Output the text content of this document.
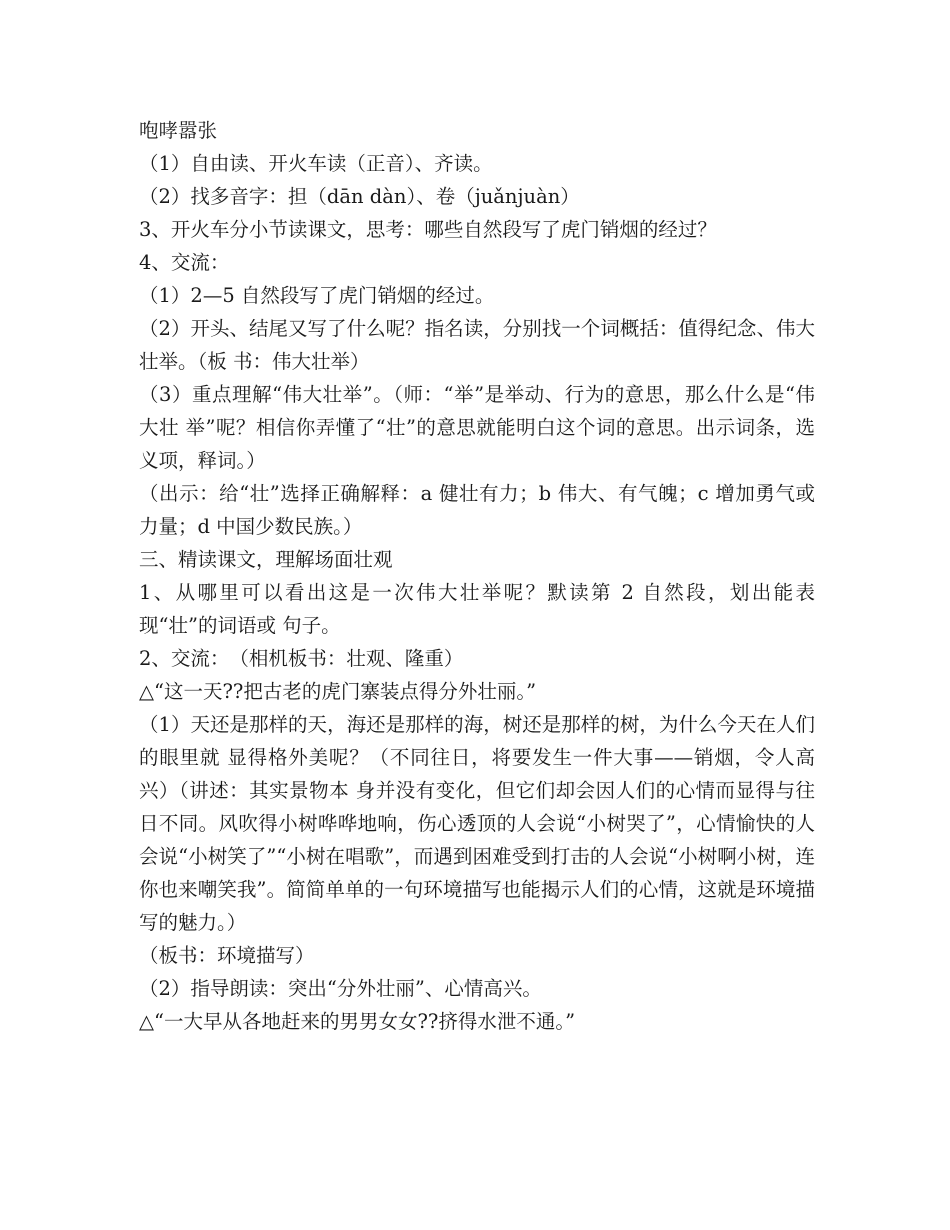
咆哮嚣张

（1）自由读、开火车读（正音）、齐读。

（2）找多音字：担（dān dàn）、卷（juǎnjuàn）

3、开火车分小节读课文，思考：哪些自然段写了虎门销烟的经过？

4、交流：

（1）2—5 自然段写了虎门销烟的经过。

（2）开头、结尾又写了什么呢？指名读，分别找一个词概括：值得纪念、伟大壮举。（板 书：伟大壮举）

（3）重点理解“伟大壮举”。（师：“举”是举动、行为的意思，那么什么是“伟大壮 举”呢？相信你弄懂了“壮”的意思就能明白这个词的意思。出示词条，选义项，释词。）

（出示：给“壮”选择正确解释：a 健壮有力；b 伟大、有气魄；c 增加勇气或力量；d 中国少数民族。）

三、精读课文，理解场面壮观

1、从哪里可以看出这是一次伟大壮举呢？默读第 2 自然段，划出能表现“壮”的词语或 句子。

2、交流：　（相机板书：壮观、隆重）

△“这一天??把古老的虎门寨装点得分外壮丽。”

（1）天还是那样的天，海还是那样的海，树还是那样的树，为什么今天在人们的眼里就 显得格外美呢？（不同往日，将要发生一件大事——销烟，令人高兴）（讲述：其实景物本 身并没有变化，但它们却会因人们的心情而显得与往日不同。风吹得小树哗哗地响，伤心透顶的人会说“小树哭了”，心情愉快的人会说“小树笑了”“小树在唱歌”，而遇到困难受到打击的人会说“小树啊小树，连你也来嘲笑我”。简简单单的一句环境描写也能揭示人们的心情，这就是环境描写的魅力。）

（板书：环境描写）

（2）指导朗读：突出“分外壮丽”、心情高兴。

△“一大早从各地赶来的男男女女??挤得水泄不通。”
